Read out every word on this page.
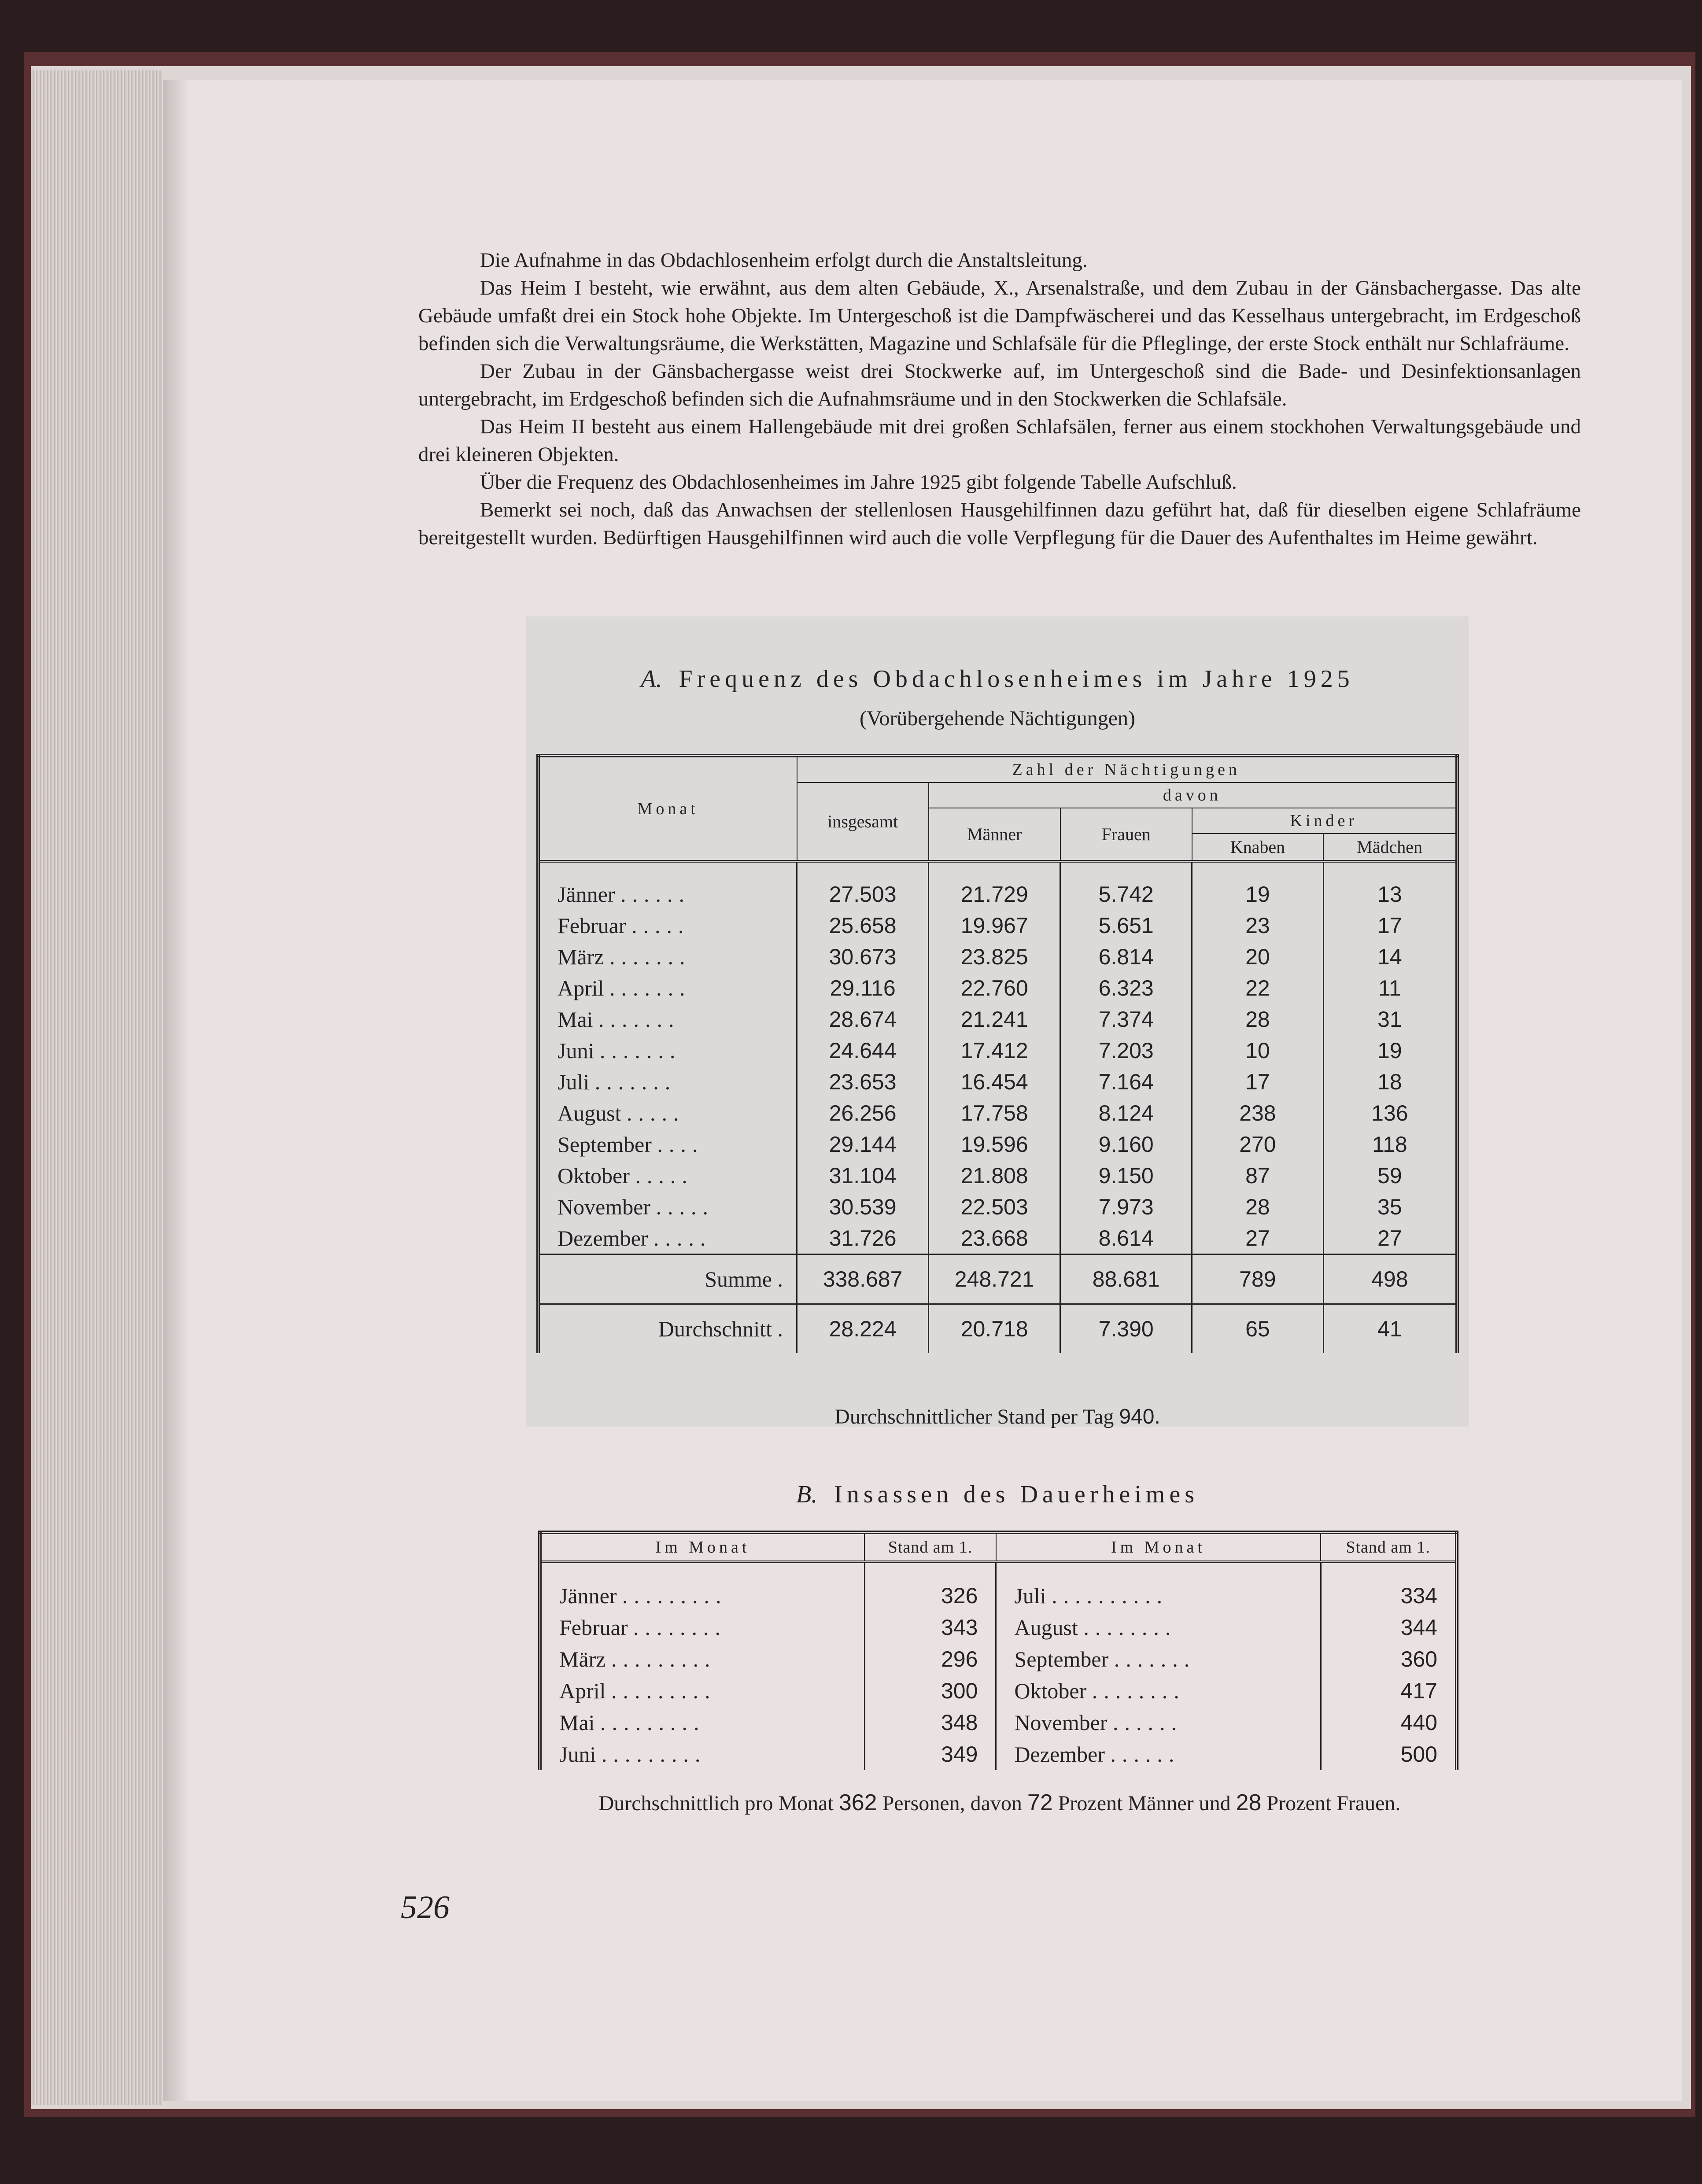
Die Aufnahme in das Obdachlosenheim erfolgt durch die Anstaltsleitung.

Das Heim I besteht, wie erwähnt, aus dem alten Gebäude, X., Arsenalstraße, und dem Zubau in der Gänsbachergasse. Das alte Gebäude umfaßt drei ein Stock hohe Objekte. Im Untergeschoß ist die Dampfwäscherei und das Kesselhaus untergebracht, im Erdgeschoß befinden sich die Verwaltungsräume, die Werkstätten, Magazine und Schlafsäle für die Pfleglinge, der erste Stock enthält nur Schlafräume.

Der Zubau in der Gänsbachergasse weist drei Stockwerke auf, im Untergeschoß sind die Bade- und Desinfektionsanlagen untergebracht, im Erdgeschoß befinden sich die Aufnahmsräume und in den Stockwerken die Schlafsäle.

Das Heim II besteht aus einem Hallengebäude mit drei großen Schlafsälen, ferner aus einem stockhohen Verwaltungsgebäude und drei kleineren Objekten.

Über die Frequenz des Obdachlosenheimes im Jahre 1925 gibt folgende Tabelle Aufschluß.

Bemerkt sei noch, daß das Anwachsen der stellenlosen Hausgehilfinnen dazu geführt hat, daß für dieselben eigene Schlafräume bereitgestellt wurden. Bedürftigen Hausgehilfinnen wird auch die volle Verpflegung für die Dauer des Aufenthaltes im Heime gewährt.

A. Frequenz des Obdachlosenheimes im Jahre 1925
(Vorübergehende Nächtigungen)
Monat	Zahl der Nächtigungen				
	insgesamt	davon			
		Männer	Frauen	Kinder	
				Knaben	Mädchen

Jänner ......	27.503	21.729	5.742	19	13
Februar .....	25.658	19.967	5.651	23	17
März .......	30.673	23.825	6.814	20	14
April .......	29.116	22.760	6.323	22	11
Mai .......	28.674	21.241	7.374	28	31
Juni .......	24.644	17.412	7.203	10	19
Juli .......	23.653	16.454	7.164	17	18
August .....	26.256	17.758	8.124	238	136
September ....	29.144	19.596	9.160	270	118
Oktober .....	31.104	21.808	9.150	87	59
November .....	30.539	22.503	7.973	28	35
Dezember .....	31.726	23.668	8.614	27	27
Summe .	338.687	248.721	88.681	789	498
Durchschnitt .	28.224	20.718	7.390	65	41
Durchschnittlicher Stand per Tag 940.
B. Insassen des Dauerheimes
Im Monat	Stand am 1.	Im Monat	Stand am 1.

Jänner .........	326	Juli ..........	334
Februar ........	343	August ........	344
März .........	296	September .......	360
April .........	300	Oktober ........	417
Mai .........	348	November ......	440
Juni .........	349	Dezember ......	500
Durchschnittlich pro Monat 362 Personen, davon 72 Prozent Männer und 28 Prozent Frauen.
526
